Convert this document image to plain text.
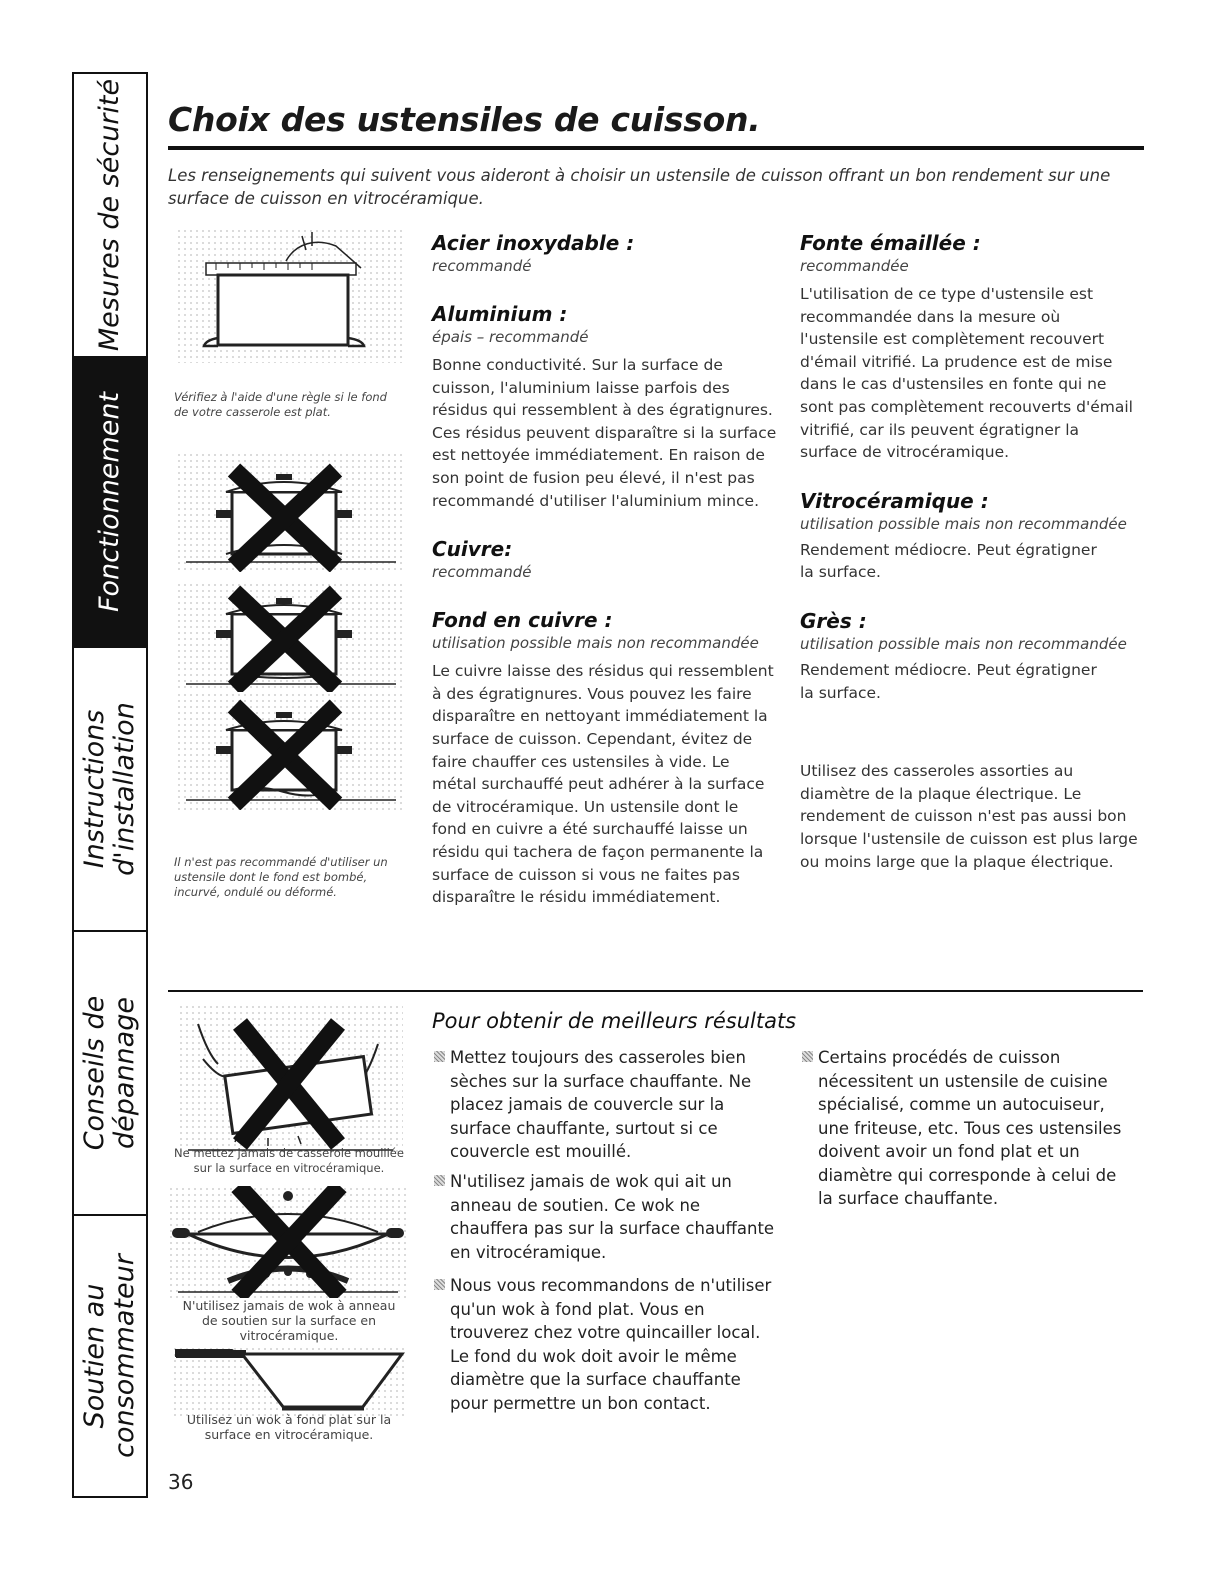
Mesures de sécurité
Fonctionnement
Instructions d'installation
Conseils de dépannage
Soutien au consommateur
Choix des ustensiles de cuisson.
Les renseignements qui suivent vous aideront à choisir un ustensile de cuisson offrant un bon rendement sur une surface de cuisson en vitrocéramique.
Vérifiez à l'aide d'une règle si le fond de votre casserole est plat.
Il n'est pas recommandé d'utiliser un ustensile dont le fond est bombé, incurvé, ondulé ou déformé.
Acier inoxydable :

recommandé

Aluminium :

épais – recommandé

Bonne conductivité. Sur la surface de cuisson, l'aluminium laisse parfois des résidus qui ressemblent à des égratignures. Ces résidus peuvent disparaître si la surface est nettoyée immédiatement. En raison de son point de fusion peu élevé, il n'est pas recommandé d'utiliser l'aluminium mince.

Cuivre:

recommandé

Fond en cuivre :

utilisation possible mais non recommandée

Le cuivre laisse des résidus qui ressemblent à des égratignures. Vous pouvez les faire disparaître en nettoyant immédiatement la surface de cuisson. Cependant, évitez de faire chauffer ces ustensiles à vide. Le métal surchauffé peut adhérer à la surface de vitrocéramique. Un ustensile dont le fond en cuivre a été surchauffé laisse un résidu qui tachera de façon permanente la surface de cuisson si vous ne faites pas disparaître le résidu immédiatement.

Fonte émaillée :

recommandée

L'utilisation de ce type d'ustensile est recommandée dans la mesure où l'ustensile est complètement recouvert d'émail vitrifié. La prudence est de mise dans le cas d'ustensiles en fonte qui ne sont pas complètement recouverts d'émail vitrifié, car ils peuvent égratigner la surface de vitrocéramique.

Vitrocéramique :

utilisation possible mais non recommandée

Rendement médiocre. Peut égratigner la surface.

Grès :

utilisation possible mais non recommandée

Rendement médiocre. Peut égratigner la surface.

Utilisez des casseroles assorties au diamètre de la plaque électrique. Le rendement de cuisson n'est pas aussi bon lorsque l'ustensile de cuisson est plus large ou moins large que la plaque électrique.

Ne mettez jamais de casserole mouillée sur la surface en vitrocéramique.
N'utilisez jamais de wok à anneau de soutien sur la surface en vitrocéramique.
Utilisez un wok à fond plat sur la surface en vitrocéramique.
Pour obtenir de meilleurs résultats
Mettez toujours des casseroles bien sèches sur la surface chauffante. Ne placez jamais de couvercle sur la surface chauffante, surtout si ce couvercle est mouillé.
N'utilisez jamais de wok qui ait un anneau de soutien. Ce wok ne chauffera pas sur la surface chauffante en vitrocéramique.
Nous vous recommandons de n'utiliser qu'un wok à fond plat. Vous en trouverez chez votre quincailler local. Le fond du wok doit avoir le même diamètre que la surface chauffante pour permettre un bon contact.
Certains procédés de cuisson nécessitent un ustensile de cuisine spécialisé, comme un autocuiseur, une friteuse, etc. Tous ces ustensiles doivent avoir un fond plat et un diamètre qui corresponde à celui de la surface chauffante.
36
